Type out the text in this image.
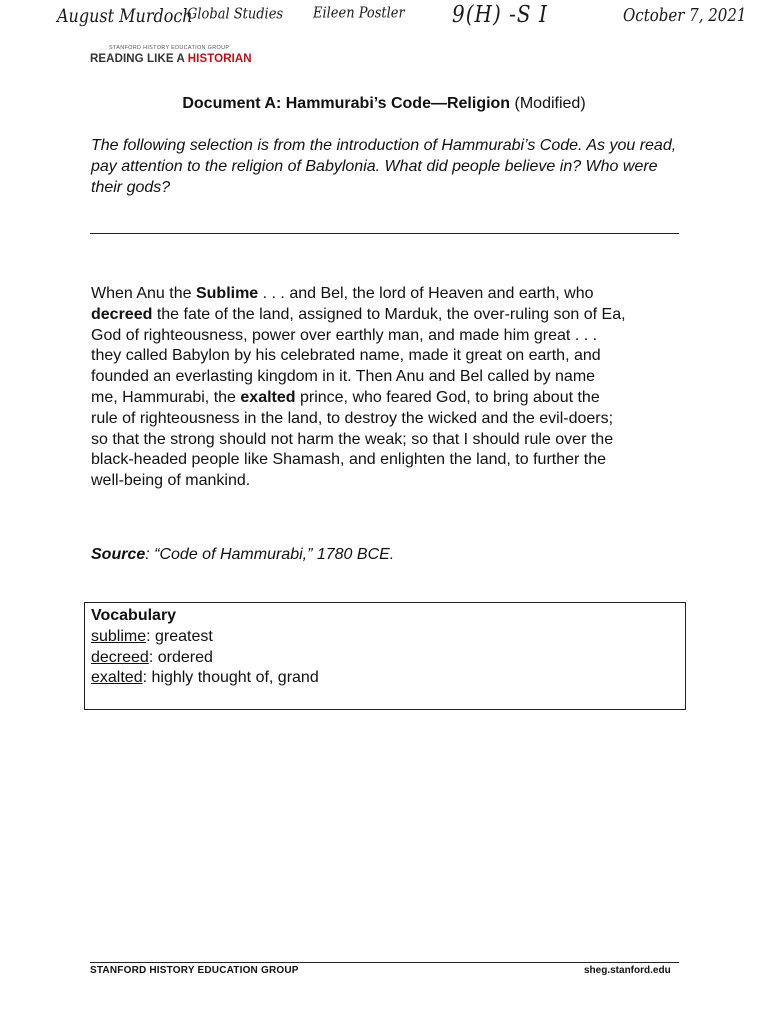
August Murdoch
Global Studies Eileen Postler 9(H) -S I	October 7, 2021
STANFORD HISTORY EDUCATION GROUP
READING LIKE A HISTORIAN
Document A: Hammurabi’s Code—Religion (Modified)

The following selection is from the introduction of Hammurabi’s Code. As you read, pay attention to the religion of Babylonia. What did people believe in? Who were their gods?

When Anu the Sublime . . . and Bel, the lord of Heaven and earth, who
decreed the fate of the land, assigned to Marduk, the over-ruling son of Ea,
God of righteousness, power over earthly man, and made him great . . .
they called Babylon by his celebrated name, made it great on earth, and
founded an everlasting kingdom in it. Then Anu and Bel called by name
me, Hammurabi, the exalted prince, who feared God, to bring about the
rule of righteousness in the land, to destroy the wicked and the evil-doers;
so that the strong should not harm the weak; so that I should rule over the
black-headed people like Shamash, and enlighten the land, to further the
well-being of mankind.
Source: “Code of Hammurabi,” 1780 BCE.
Vocabulary
sublime: greatest
decreed: ordered
exalted: highly thought of, grand
STANFORD HISTORY EDUCATION GROUP	sheg.stanford.edu
